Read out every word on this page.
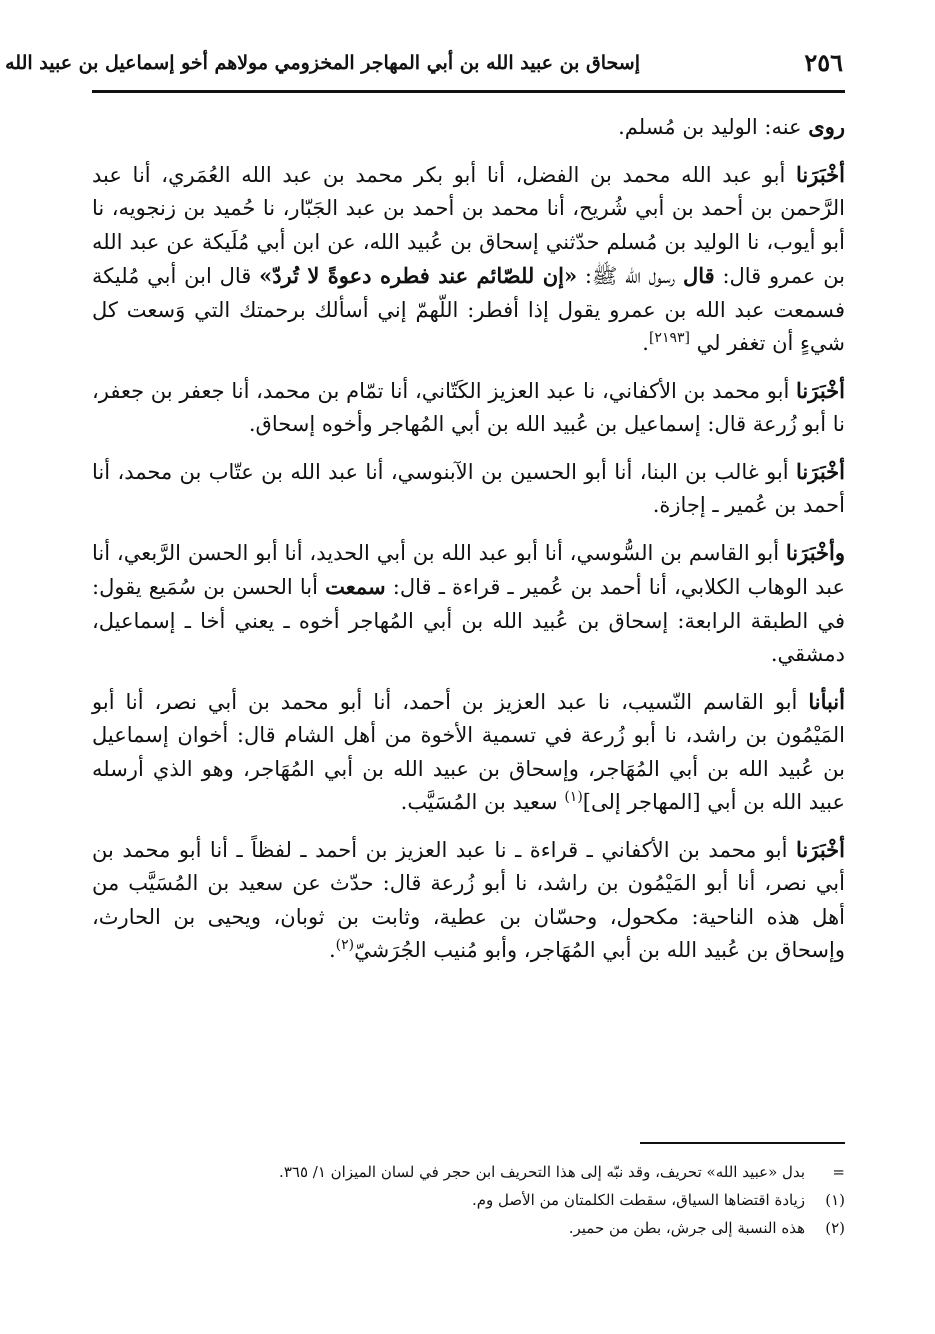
٢٥٦
إسحاق بن عبيد الله بن أبي المهاجر المخزومي مولاهم أخو إسماعيل بن عبيد الله

روى عنه: الوليد بن مُسلم.

أخْبَرَنا أبو عبد الله محمد بن الفضل، أنا أبو بكر محمد بن عبد الله العُمَري، أنا عبد الرَّحمن بن أحمد بن أبي شُريح، أنا محمد بن أحمد بن عبد الجَبّار، نا حُميد بن زنجويه، نا أبو أيوب، نا الوليد بن مُسلم حدّثني إسحاق بن عُبيد الله، عن ابن أبي مُلَيكة عن عبد الله بن عمرو قال: قال رسول الله ﷺ: «إن للصّائم عند فطره دعوةً لا تُردّ» قال ابن أبي مُليكة فسمعت عبد الله بن عمرو يقول إذا أفطر: اللّهمّ إني أسألك برحمتك التي وَسعت كل شيءٍ أن تغفر لي [٢١٩٣].

أخْبَرَنا أبو محمد بن الأكفاني، نا عبد العزيز الكَتّاني، أنا تمّام بن محمد، أنا جعفر بن جعفر، نا أبو زُرعة قال: إسماعيل بن عُبيد الله بن أبي المُهاجر وأخوه إسحاق.

أخْبَرَنا أبو غالب بن البنا، أنا أبو الحسين بن الآبنوسي، أنا عبد الله بن عتّاب بن محمد، أنا أحمد بن عُمير ـ إجازة.

وأخْبَرَنا أبو القاسم بن السُّوسي، أنا أبو عبد الله بن أبي الحديد، أنا أبو الحسن الرَّبعي، أنا عبد الوهاب الكلابي، أنا أحمد بن عُمير ـ قراءة ـ قال: سمعت أبا الحسن بن سُمَيع يقول: في الطبقة الرابعة: إسحاق بن عُبيد الله بن أبي المُهاجر أخوه ـ يعني أخا ـ إسماعيل، دمشقي.

أنبأنا أبو القاسم النّسيب، نا عبد العزيز بن أحمد، أنا أبو محمد بن أبي نصر، أنا أبو المَيْمُون بن راشد، نا أبو زُرعة في تسمية الأخوة من أهل الشام قال: أخوان إسماعيل بن عُبيد الله بن أبي المُهَاجر، وإسحاق بن عبيد الله بن أبي المُهَاجر، وهو الذي أرسله عبيد الله بن أبي [المهاجر إلى]$^{(١)}$ سعيد بن المُسَيَّب.

أخْبَرَنا أبو محمد بن الأكفاني ـ قراءة ـ نا عبد العزيز بن أحمد ـ لفظاً ـ أنا أبو محمد بن أبي نصر، أنا أبو المَيْمُون بن راشد، نا أبو زُرعة قال: حدّث عن سعيد بن المُسَيَّب من أهل هذه الناحية: مكحول، وحسّان بن عطية، وثابت بن ثوبان، ويحيى بن الحارث، وإسحاق بن عُبيد الله بن أبي المُهَاجر، وأبو مُنيب الجُرَشيّ$^{(٢)}$.

=
بدل «عبيد الله» تحريف، وقد نبّه إلى هذا التحريف ابن حجر في لسان الميزان ١/ ٣٦٥.

(١)
زيادة اقتضاها السياق، سقطت الكلمتان من الأصل وم.

(٢)
هذه النسبة إلى جرش، بطن من حمير.
